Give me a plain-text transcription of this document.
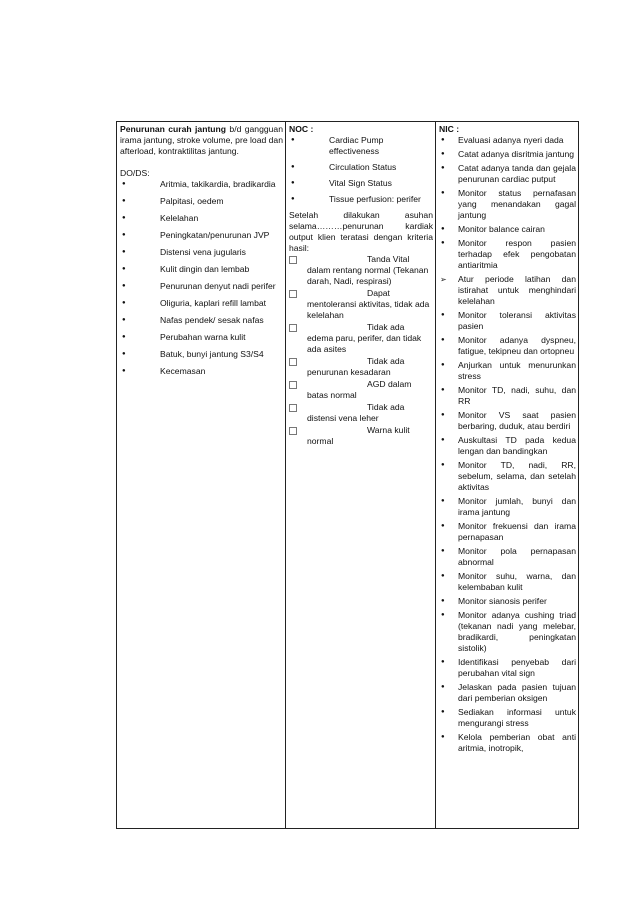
Penurunan curah jantung b/d gangguan irama jantung, stroke volume, pre load dan afterload, kontraktilitas jantung.
DO/DS:
● Aritmia, takikardia, bradikardia
● Palpitasi, oedem
● Kelelahan
● Peningkatan/penurunan JVP
● Distensi vena jugularis
● Kulit dingin dan lembab
● Penurunan denyut nadi perifer
● Oliguria, kaplari refill lambat
● Nafas pendek/ sesak nafas
● Perubahan warna kulit
● Batuk, bunyi jantung S3/S4
● Kecemasan

NOC :
● Cardiac Pump effectiveness
● Circulation Status
● Vital Sign Status
● Tissue perfusion: perifer
Setelah dilakukan asuhan selama………penurunan kardiak output klien teratasi dengan kriteria hasil:
Tanda Vital dalam rentang normal (Tekanan darah, Nadi, respirasi)
Dapat mentoleransi aktivitas, tidak ada kelelahan
Tidak ada edema paru, perifer, dan tidak ada asites
Tidak ada penurunan kesadaran
AGD dalam batas normal
Tidak ada distensi vena leher
Warna kulit normal

NIC :
● Evaluasi adanya nyeri dada
● Catat adanya disritmia jantung
● Catat adanya tanda dan gejala penurunan cardiac putput
● Monitor status pernafasan yang menandakan gagal jantung
● Monitor balance cairan
● Monitor respon pasien terhadap efek pengobatan antiaritmia
➢ Atur periode latihan dan istirahat untuk menghindari kelelahan
● Monitor toleransi aktivitas pasien
● Monitor adanya dyspneu, fatigue, tekipneu dan ortopneu
● Anjurkan untuk menurunkan stress
● Monitor TD, nadi, suhu, dan RR
● Monitor VS saat pasien berbaring, duduk, atau berdiri
● Auskultasi TD pada kedua lengan dan bandingkan
● Monitor TD, nadi, RR, sebelum, selama, dan setelah aktivitas
● Monitor jumlah, bunyi dan irama jantung
● Monitor frekuensi dan irama pernapasan
● Monitor pola pernapasan abnormal
● Monitor suhu, warna, dan kelembaban kulit
● Monitor sianosis perifer
● Monitor adanya cushing triad (tekanan nadi yang melebar, bradikardi, peningkatan sistolik)
● Identifikasi penyebab dari perubahan vital sign
● Jelaskan pada pasien tujuan dari pemberian oksigen
● Sediakan informasi untuk mengurangi stress
● Kelola pemberian obat anti aritmia, inotropik,
